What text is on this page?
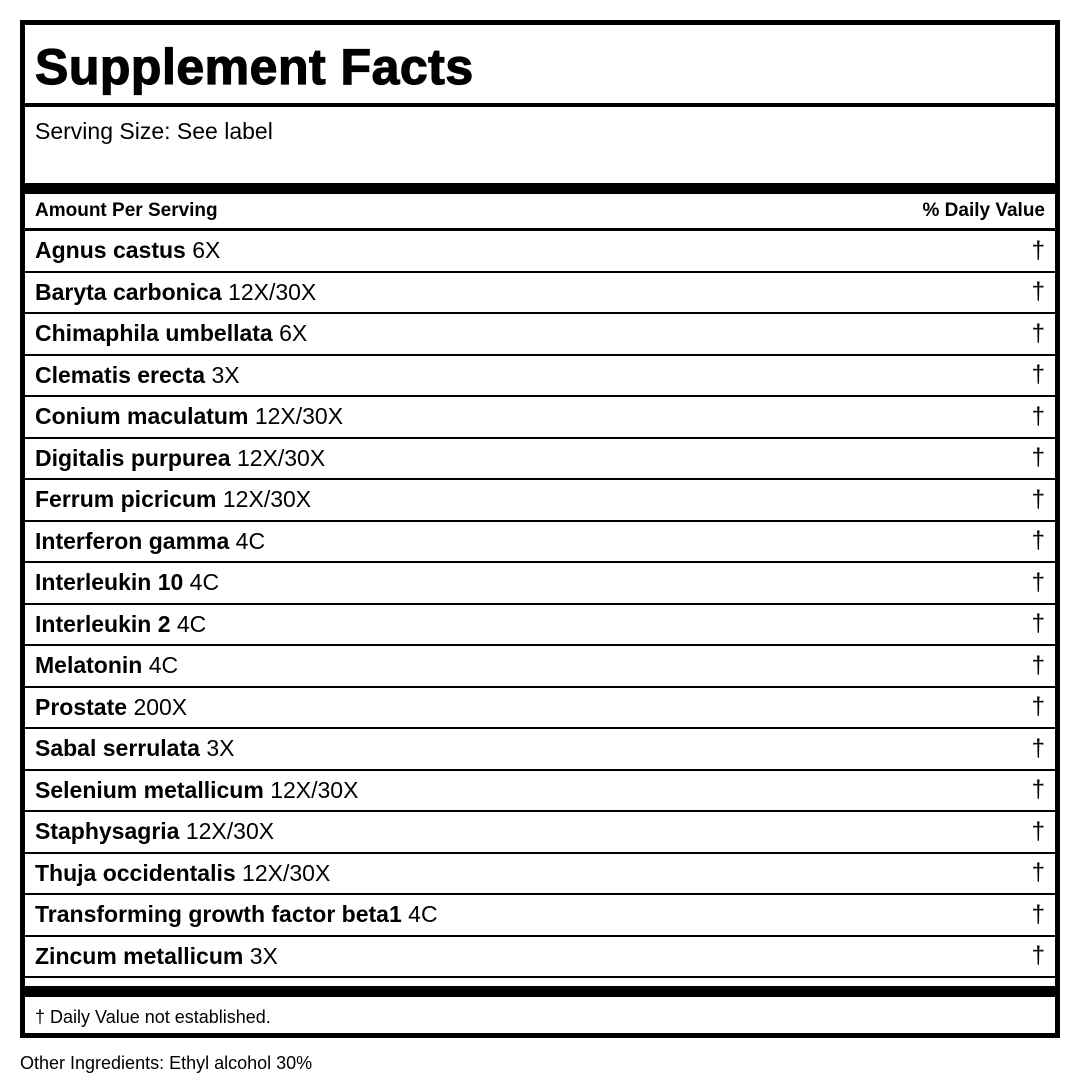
Supplement Facts
Serving Size: See label
Amount Per Serving	% Daily Value
Agnus castus 6X	†
Baryta carbonica 12X/30X	†
Chimaphila umbellata 6X	†
Clematis erecta 3X	†
Conium maculatum 12X/30X	†
Digitalis purpurea 12X/30X	†
Ferrum picricum 12X/30X	†
Interferon gamma 4C	†
Interleukin 10 4C	†
Interleukin 2 4C	†
Melatonin 4C	†
Prostate 200X	†
Sabal serrulata 3X	†
Selenium metallicum 12X/30X	†
Staphysagria 12X/30X	†
Thuja occidentalis 12X/30X	†
Transforming growth factor beta1 4C	†
Zincum metallicum 3X	†
† Daily Value not established.
Other Ingredients: Ethyl alcohol 30%
